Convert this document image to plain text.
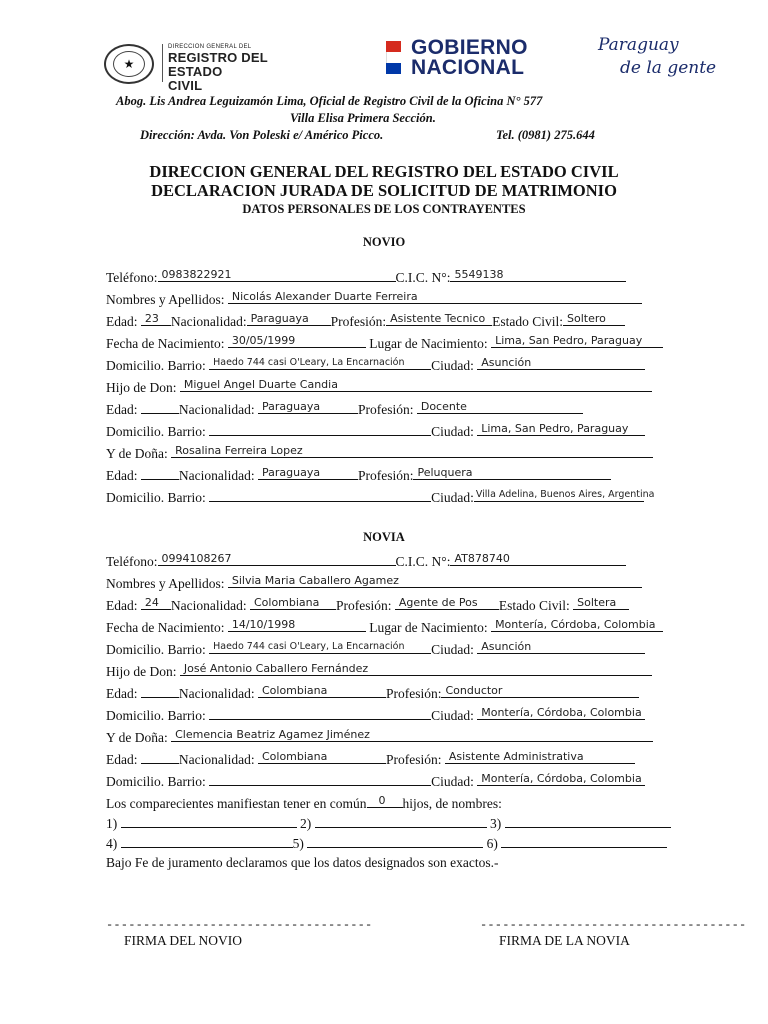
★
DIRECCION GENERAL DEL
REGISTRO DEL
ESTADO
CIVIL
GOBIERNO
NACIONAL
Paraguay
de la gente
Abog. Lis Andrea Leguizamón Lima, Oficial de Registro Civil de la Oficina N° 577
Villa Elisa Primera Sección.
Dirección: Avda. Von Poleski e/ Américo Picco.	Tel. (0981) 275.644
DIRECCION GENERAL DEL REGISTRO DEL ESTADO CIVIL
DECLARACION JURADA DE SOLICITUD DE MATRIMONIO
DATOS PERSONALES DE LOS CONTRAYENTES
NOVIO
Teléfono: 0983822921	C.I.C. N°: 5549138
Nombres y Apellidos: Nicolás Alexander Duarte Ferreira
Edad: 23 Nacionalidad: Paraguaya Profesión: Asistente Tecnico Estado Civil: Soltero
Fecha de Nacimiento: 30/05/1999	Lugar de Nacimiento: Lima, San Pedro, Paraguay
Domicilio. Barrio: Haedo 744 casi O'Leary, La Encarnación Ciudad: Asunción
Hijo de Don: Miguel Angel Duarte Candia
Edad:	Nacionalidad: Paraguaya	Profesión: Docente
Domicilio. Barrio:	Ciudad: Lima, San Pedro, Paraguay
Y de Doña: Rosalina Ferreira Lopez
Edad:	Nacionalidad: Paraguaya	Profesión: Peluquera
Domicilio. Barrio:	Ciudad: Villa Adelina, Buenos Aires, Argentina
NOVIA
Teléfono: 0994108267	C.I.C. N°: AT878740
Nombres y Apellidos: Silvia Maria Caballero Agamez
Edad: 24 Nacionalidad: Colombiana Profesión: Agente de Pos Estado Civil: Soltera
Fecha de Nacimiento: 14/10/1998	Lugar de Nacimiento: Montería, Córdoba, Colombia
Domicilio. Barrio: Haedo 744 casi O'Leary, La Encarnación Ciudad: Asunción
Hijo de Don: José Antonio Caballero Fernández
Edad:	Nacionalidad: Colombiana	Profesión: Conductor
Domicilio. Barrio:	Ciudad: Montería, Córdoba, Colombia
Y de Doña: Clemencia Beatriz Agamez Jiménez
Edad:	Nacionalidad: Colombiana	Profesión: Asistente Administrativa
Domicilio. Barrio:	Ciudad: Montería, Córdoba, Colombia
Los comparecientes manifiestan tener en común 0 hijos, de nombres:
1)	2)	3)
4)	5)	6)
Bajo Fe de juramento declaramos que los datos designados son exactos.-
------------------------------------	------------------------------------
FIRMA DEL NOVIO	FIRMA DE LA NOVIA
